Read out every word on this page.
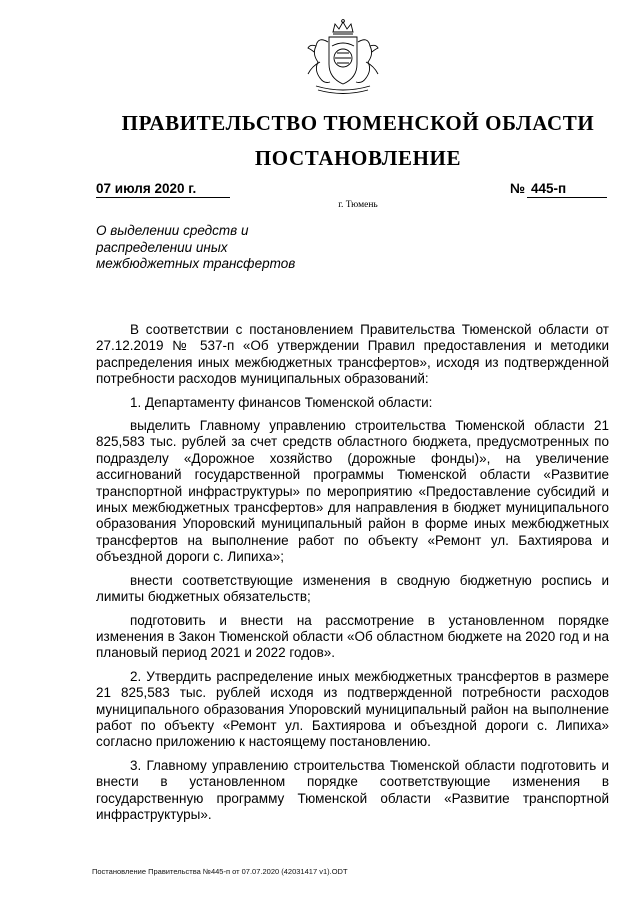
ПРАВИТЕЛЬСТВО ТЮМЕНСКОЙ ОБЛАСТИ
ПОСТАНОВЛЕНИЕ
07 июля 2020 г.	№ 445-п
г. Тюмень
О выделении средств и
распределении иных
межбюджетных трансфертов

В соответствии с постановлением Правительства Тюменской области от 27.12.2019 № 537-п «Об утверждении Правил предоставления и методики распределения иных межбюджетных трансфертов», исходя из подтвержденной потребности расходов муниципальных образований:

1. Департаменту финансов Тюменской области:

выделить Главному управлению строительства Тюменской области 21 825,583 тыс. рублей за счет средств областного бюджета, предусмотренных по подразделу «Дорожное хозяйство (дорожные фонды)», на увеличение ассигнований государственной программы Тюменской области «Развитие транспортной инфраструктуры» по мероприятию «Предоставление субсидий и иных межбюджетных трансфертов» для направления в бюджет муниципального образования Упоровский муниципальный район в форме иных межбюджетных трансфертов на выполнение работ по объекту «Ремонт ул. Бахтиярова и объездной дороги с. Липиха»;

внести соответствующие изменения в сводную бюджетную роспись и лимиты бюджетных обязательств;

подготовить и внести на рассмотрение в установленном порядке изменения в Закон Тюменской области «Об областном бюджете на 2020 год и на плановый период 2021 и 2022 годов».

2. Утвердить распределение иных межбюджетных трансфертов в размере 21 825,583 тыс. рублей исходя из подтвержденной потребности расходов муниципального образования Упоровский муниципальный район на выполнение работ по объекту «Ремонт ул. Бахтиярова и объездной дороги с. Липиха» согласно приложению к настоящему постановлению.

3. Главному управлению строительства Тюменской области подготовить и внести в установленном порядке соответствующие изменения в государственную программу Тюменской области «Развитие транспортной инфраструктуры».

Постановление Правительства №445-п от 07.07.2020 (42031417 v1).ODT
